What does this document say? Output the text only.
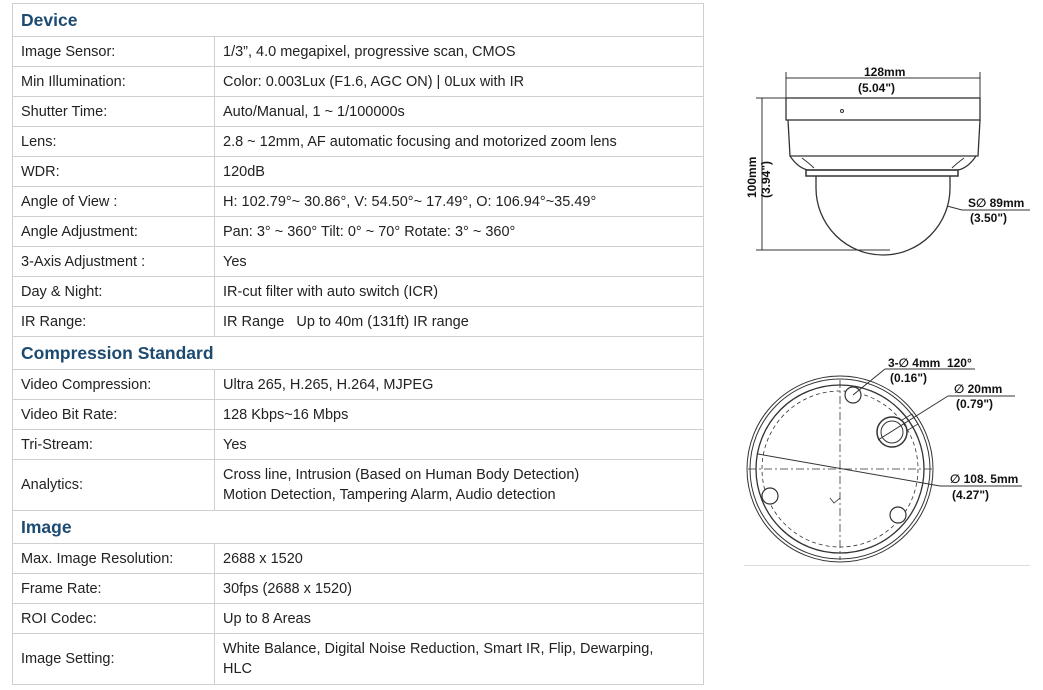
Device	
Image Sensor:	1/3”, 4.0 megapixel, progressive scan, CMOS
Min Illumination:	Color: 0.003Lux (F1.6, AGC ON) | 0Lux with IR
Shutter Time:	Auto/Manual, 1 ~ 1/100000s
Lens:	2.8 ~ 12mm, AF automatic focusing and motorized zoom lens
WDR:	120dB
Angle of View :	H: 102.79°~ 30.86°, V: 54.50°~ 17.49°, O: 106.94°~35.49°
Angle Adjustment:	Pan: 3° ~ 360° Tilt: 0° ~ 70° Rotate: 3° ~ 360°
3-Axis Adjustment :	Yes
Day & Night:	IR-cut filter with auto switch (ICR)
IR Range:	IR Range   Up to 40m (131ft) IR range
Compression Standard	
Video Compression:	Ultra 265, H.265, H.264, MJPEG
Video Bit Rate:	128 Kbps~16 Mbps
Tri-Stream:	Yes
Analytics:	Cross line, Intrusion (Based on Human Body Detection)
Motion Detection, Tampering Alarm, Audio detection

Image	
Max. Image Resolution:	2688 x 1520
Frame Rate:	30fps (2688 x 1520)
ROI Codec:	Up to 8 Areas
Image Setting:	White Balance, Digital Noise Reduction, Smart IR, Flip, Dewarping,
HLC
128mm
(5.04")
100mm (3.94")
S∅ 89mm
(3.50")
3-∅ 4mm  120°
(0.16")
∅ 20mm
(0.79")
∅ 108. 5mm
(4.27")
